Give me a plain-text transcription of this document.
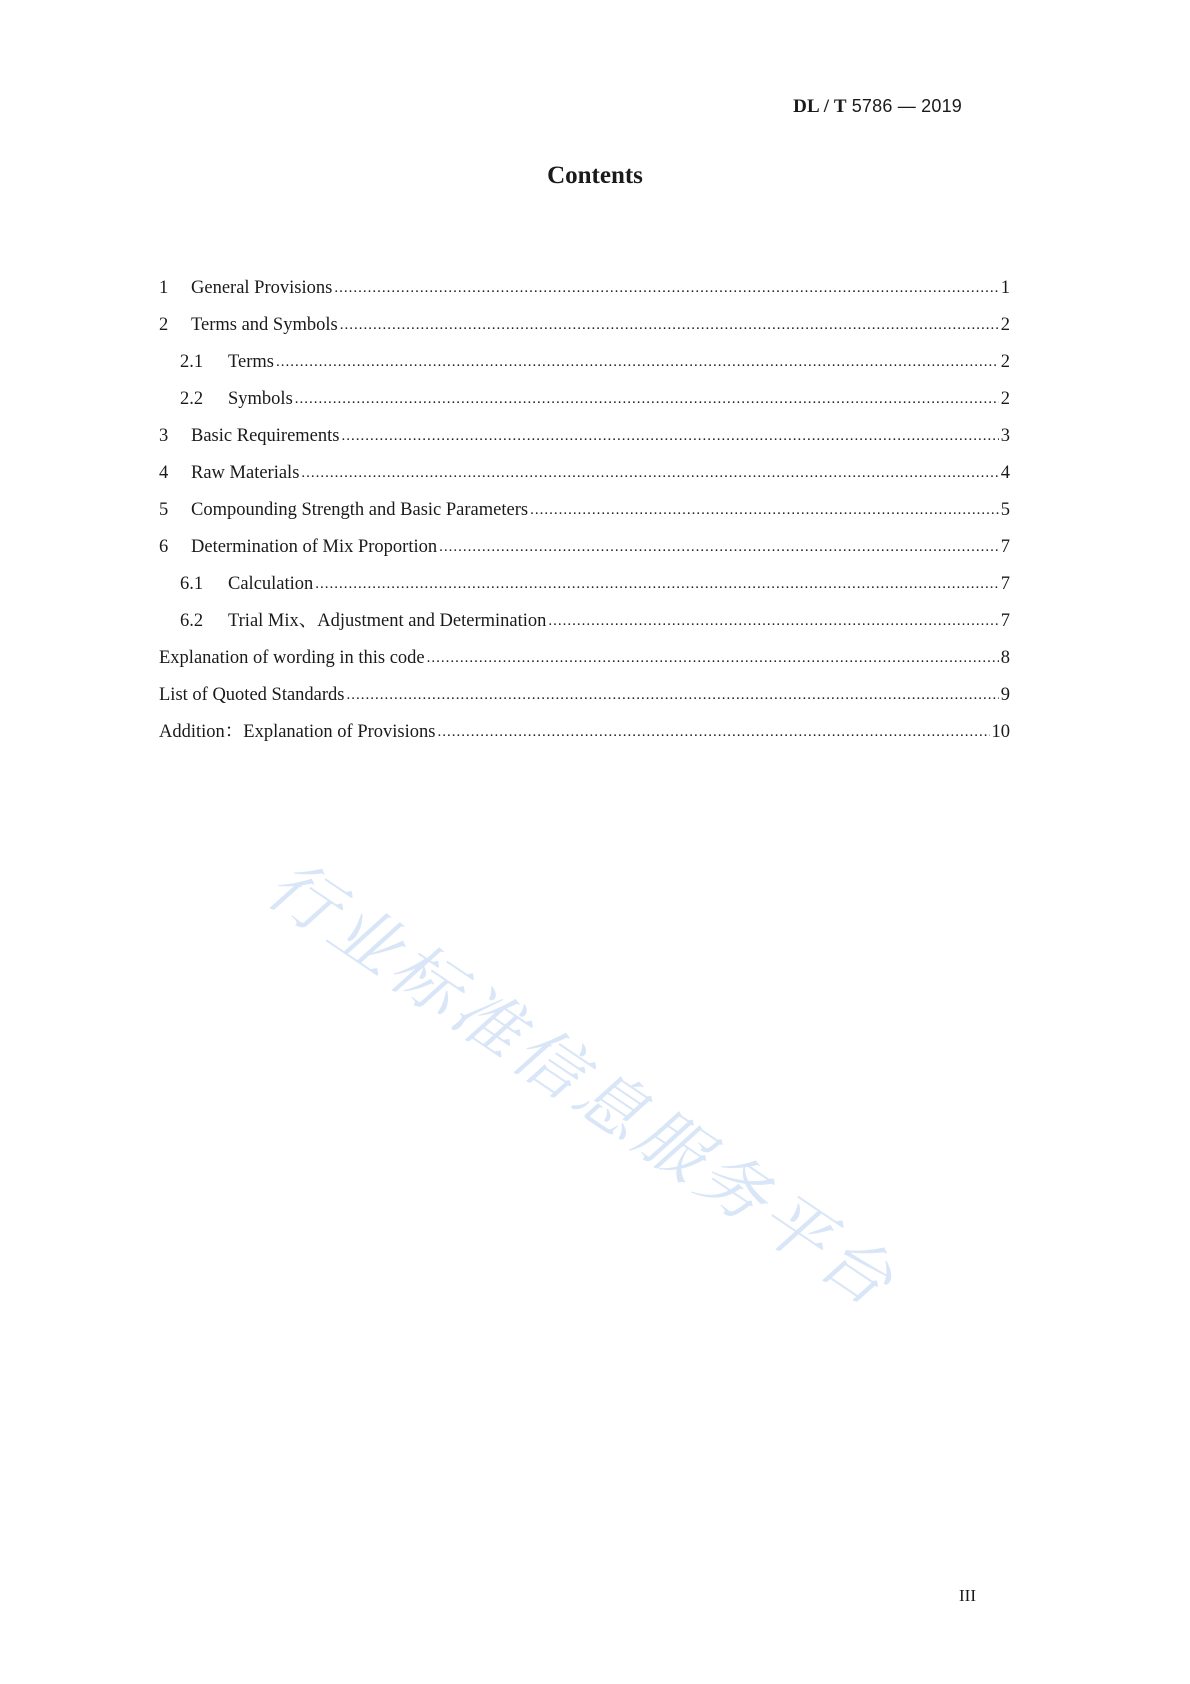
DL / T 5786 — 2019
Contents
1	General Provisions .....	1
2	Terms and Symbols .....	2
2.1	Terms .....	2
2.2	Symbols .....	2
3	Basic Requirements .....	3
4	Raw Materials .....	4
5	Compounding Strength and Basic Parameters .....	5
6	Determination of Mix Proportion .....	7
6.1	Calculation .....	7
6.2	Trial Mix、Adjustment and Determination .....	7
Explanation of wording in this code .....	8
List of Quoted Standards .....	9
Addition：Explanation of Provisions .....	10
行业标准信息服务平台
III
